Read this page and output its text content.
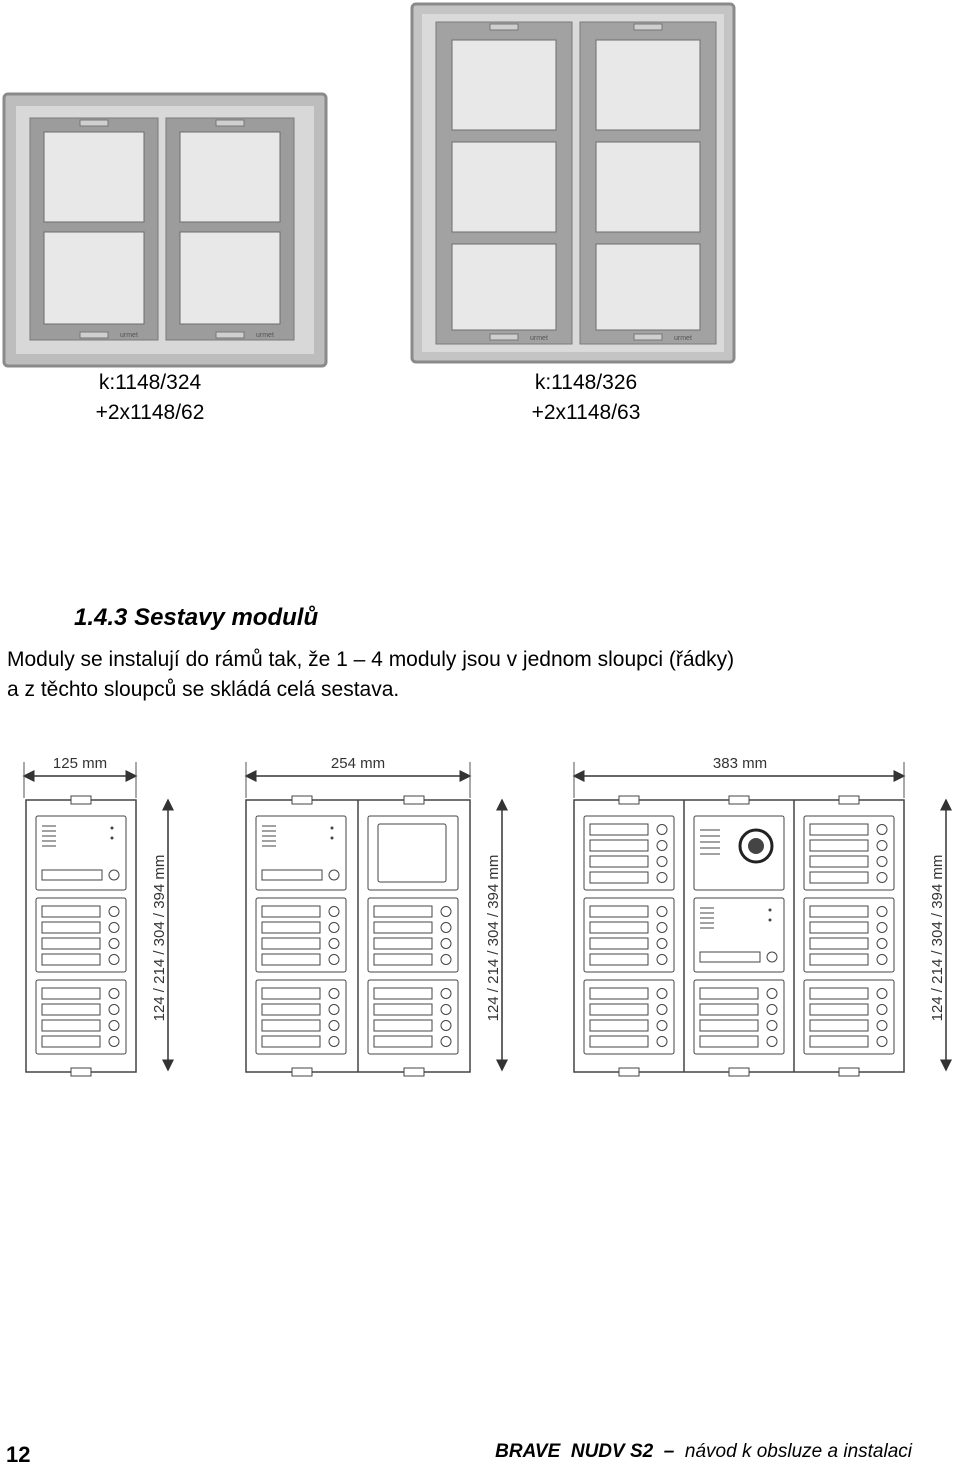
urmet	urmet	urmet	urmet
k:1148/324
+2x1148/62
k:1148/326
+2x1148/63
1.4.3 Sestavy modulů
Moduly se instalují do rámů tak, že 1 – 4 moduly jsou v jednom sloupci (řádky)
a z těchto sloupců se skládá celá sestava.
125 mm	254 mm	383 mm
124 / 214 / 304 / 394 mm	124 / 214 / 304 / 394 mm	124 / 214 / 304 / 394 mm
12	BRAVE NUDV S2 – návod k obsluze a instalaci
